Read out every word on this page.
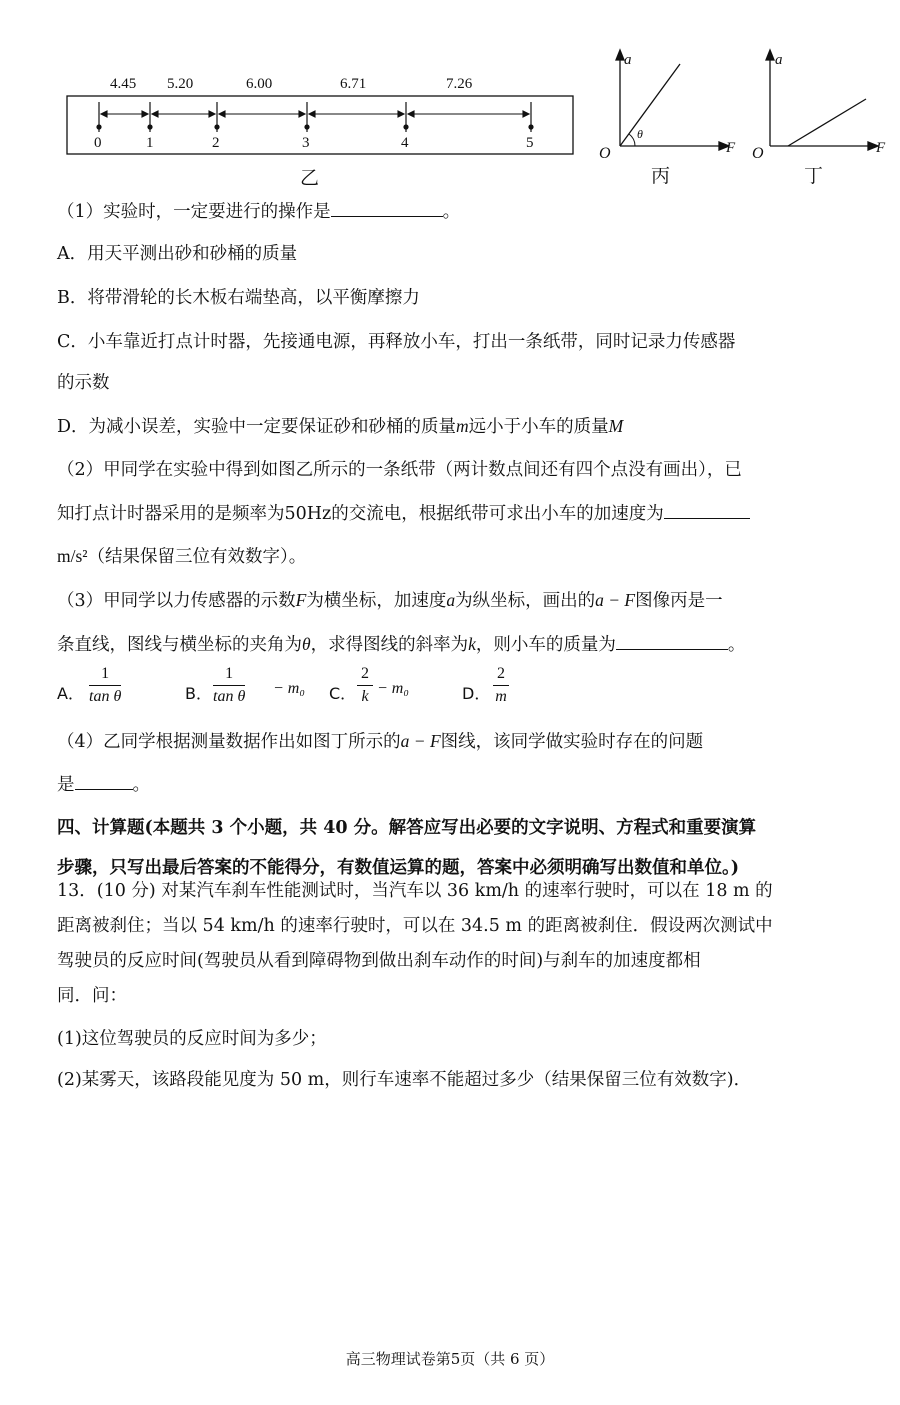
4.45 5.20	6.00	6.71	7.26
0	1	2	3	4	5
乙
a
F
O
θ
丙
a
F
O
丁
（1）实验时，一定要进行的操作是	。
A．用天平测出砂和砂桶的质量
B．将带滑轮的长木板右端垫高，以平衡摩擦力
C．小车靠近打点计时器，先接通电源，再释放小车，打出一条纸带，同时记录力传感器
的示数
D．为减小误差，实验中一定要保证砂和砂桶的质量m远小于小车的质量M
（2）甲同学在实验中得到如图乙所示的一条纸带（两计数点间还有四个点没有画出），已
知打点计时器采用的是频率为50Hz的交流电，根据纸带可求出小车的加速度为
m/s²（结果保留三位有效数字）。
（3）甲同学以力传感器的示数F为横坐标，加速度a为纵坐标，画出的a − F图像丙是一
条直线，图线与横坐标的夹角为θ，求得图线的斜率为k，则小车的质量为	。
A． $\frac{1}{\text{tan θ}}$	B． $\frac{1}{\text{tan θ}} - m_0$ C． $\frac{2}{k} - m_0$	D． $\frac{2}{m}$
（4）乙同学根据测量数据作出如图丁所示的a − F图线，该同学做实验时存在的问题
是	。
四、计算题(本题共 3 个小题，共 40 分。解答应写出必要的文字说明、方程式和重要演算
步骤，只写出最后答案的不能得分，有数值运算的题，答案中必须明确写出数值和单位。)
13．(10 分) 对某汽车刹车性能测试时，当汽车以 36 km/h 的速率行驶时，可以在 18 m 的
距离被刹住；当以 54 km/h 的速率行驶时，可以在 34.5 m 的距离被刹住．假设两次测试中
驾驶员的反应时间(驾驶员从看到障碍物到做出刹车动作的时间)与刹车的加速度都相
同．问：
(1)这位驾驶员的反应时间为多少；
(2)某雾天，该路段能见度为 50 m，则行车速率不能超过多少（结果保留三位有效数字)．
高三物理试卷第5页（共 6 页）
